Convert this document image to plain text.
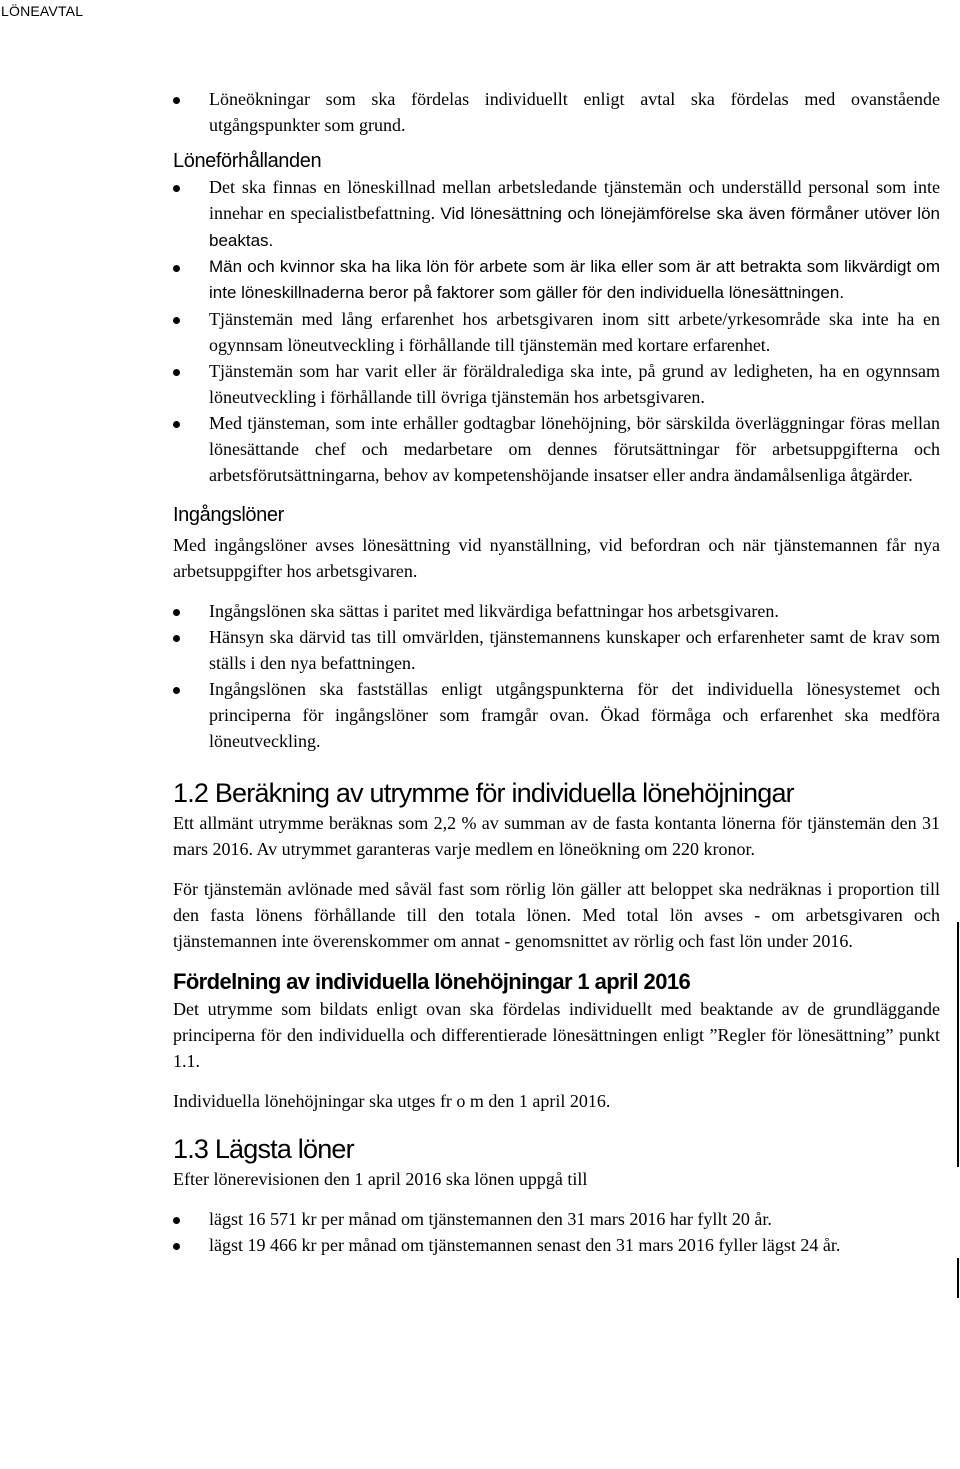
LÖNEAVTAL
Löneökningar som ska fördelas individuellt enligt avtal ska fördelas med ovanstående utgångspunkter som grund.
Löneförhållanden
Det ska finnas en löneskillnad mellan arbetsledande tjänstemän och underställd personal som inte innehar en specialistbefattning. Vid lönesättning och lönejämförelse ska även förmåner utöver lön beaktas.
Män och kvinnor ska ha lika lön för arbete som är lika eller som är att betrakta som likvärdigt om inte löneskillnaderna beror på faktorer som gäller för den individuella lönesättningen.
Tjänstemän med lång erfarenhet hos arbetsgivaren inom sitt arbete/yrkesområde ska inte ha en ogynnsam löneutveckling i förhållande till tjänstemän med kortare erfarenhet.
Tjänstemän som har varit eller är föräldralediga ska inte, på grund av ledigheten, ha en ogynnsam löneutveckling i förhållande till övriga tjänstemän hos arbetsgivaren.
Med tjänsteman, som inte erhåller godtagbar lönehöjning, bör särskilda överläggningar föras mellan lönesättande chef och medarbetare om dennes förutsättningar för arbetsuppgifterna och arbetsförutsättningarna, behov av kompetenshöjande insatser eller andra ändamålsenliga åtgärder.
Ingångslöner

Med ingångslöner avses lönesättning vid nyanställning, vid befordran och när tjänstemannen får nya arbetsuppgifter hos arbetsgivaren.

Ingångslönen ska sättas i paritet med likvärdiga befattningar hos arbetsgivaren.
Hänsyn ska därvid tas till omvärlden, tjänstemannens kunskaper och erfarenheter samt de krav som ställs i den nya befattningen.
Ingångslönen ska fastställas enligt utgångspunkterna för det individuella lönesystemet och principerna för ingångslöner som framgår ovan. Ökad förmåga och erfarenhet ska medföra löneutveckling.
1.2 Beräkning av utrymme för individuella lönehöjningar

Ett allmänt utrymme beräknas som 2,2 % av summan av de fasta kontanta lönerna för tjänstemän den 31 mars 2016. Av utrymmet garanteras varje medlem en löneökning om 220 kronor.

För tjänstemän avlönade med såväl fast som rörlig lön gäller att beloppet ska nedräknas i proportion till den fasta lönens förhållande till den totala lönen. Med total lön avses - om arbetsgivaren och tjänstemannen inte överenskommer om annat - genomsnittet av rörlig och fast lön under 2016.

Fördelning av individuella lönehöjningar 1 april 2016

Det utrymme som bildats enligt ovan ska fördelas individuellt med beaktande av de grundläggande principerna för den individuella och differentierade lönesättningen enligt ”Regler för lönesättning” punkt 1.1.

Individuella lönehöjningar ska utges fr o m den 1 april 2016.

1.3 Lägsta löner

Efter lönerevisionen den 1 april 2016 ska lönen uppgå till

lägst 16 571 kr per månad om tjänstemannen den 31 mars 2016 har fyllt 20 år.
lägst 19 466 kr per månad om tjänstemannen senast den 31 mars 2016 fyller lägst 24 år.
